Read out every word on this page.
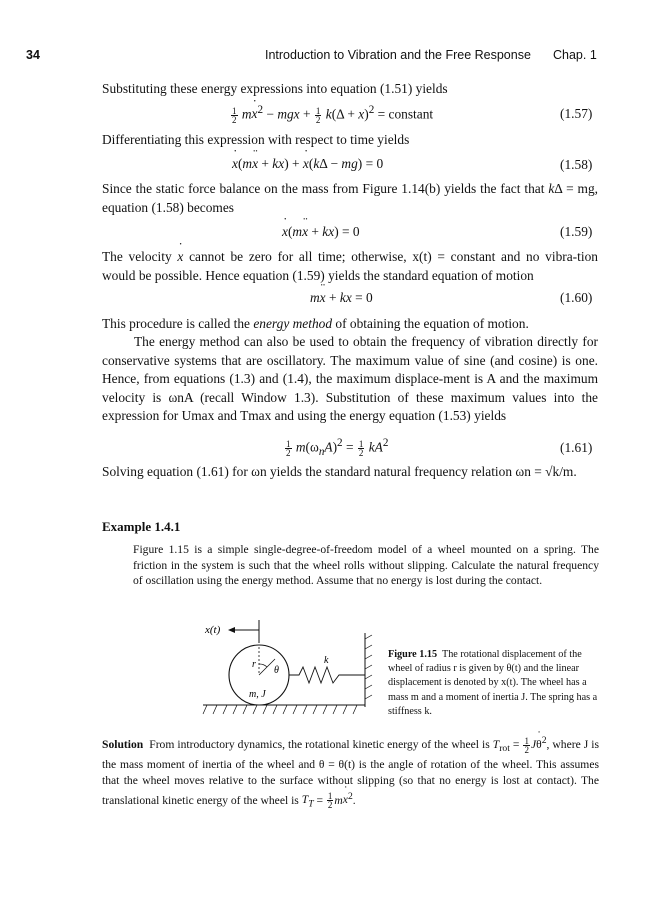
34	Introduction to Vibration and the Free Response Chap. 1

Substituting these energy expressions into equation (1.51) yields

$\frac{1}{2}$ mx ˙$^2$ − mgx + $\frac{1}{2} k(\Delta + x)^2$ = constant	(1.57)

Differentiating this expression with respect to time yields

x ˙(mx ¨ + kx) + x ˙(kΔ − mg) = 0	(1.58)

Since the static force balance on the mass from Figure 1.14(b) yields the fact that kΔ = mg, equation (1.58) becomes

x ˙(mx ¨ + kx) = 0	(1.59)

The velocity x ˙ cannot be zero for all time; otherwise, x(t) = constant and no vibra-tion would be possible. Hence equation (1.59) yields the standard equation of motion

mx ¨ + kx = 0	(1.60)

This procedure is called the energy method of obtaining the equation of motion.

The energy method can also be used to obtain the frequency of vibration directly for conservative systems that are oscillatory. The maximum value of sine (and cosine) is one. Hence, from equations (1.3) and (1.4), the maximum displace-ment is A and the maximum velocity is ωnA (recall Window 1.3). Substitution of these maximum values into the expression for Umax and Tmax and using the energy equation (1.53) yields

$\frac{1}{2} m(\omega_nA)^2 = \frac{1}{2} kA^2$	(1.61)

Solving equation (1.61) for ωn yields the standard natural frequency relation ωn = √k/m.

Example 1.4.1

Figure 1.15 is a simple single-degree-of-freedom model of a wheel mounted on a spring. The friction in the system is such that the wheel rolls without slipping. Calculate the natural frequency of oscillation using the energy method. Assume that no energy is lost during the contact.

x(t)
r
θ
m, J
k

Figure 1.15 The rotational displacement of the wheel of radius r is given by θ(t) and the linear displacement is denoted by x(t). The wheel has a mass m and a moment of inertia J. The spring has a stiffness k.

Solution From introductory dynamics, the rotational kinetic energy of the wheel is $T_{rot} = \frac{1}{2}$ Jθ ˙$^2$, where J is the mass moment of inertia of the wheel and θ = θ(t) is the angle of rotation of the wheel. This assumes that the wheel moves relative to the surface without slipping (so that no energy is lost at contact). The translational kinetic energy of the wheel is $T_T = \frac{1}{2}$ mx ˙$^2$.
